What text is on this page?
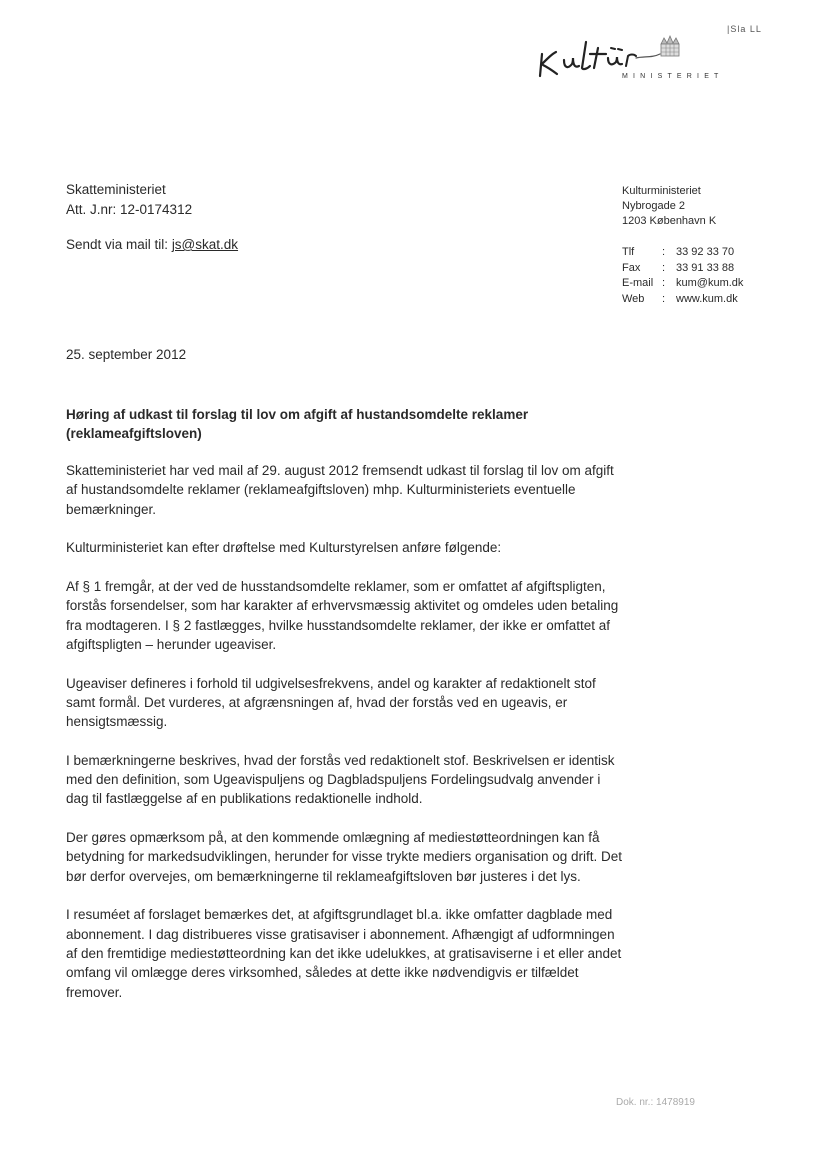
|Sla LL
MINISTERIET
Skatteministeriet
Att. J.nr: 12-0174312
Sendt via mail til: js@skat.dk
Kulturministeriet
Nybrogade 2
1203 København K
Tlf	: 33 92 33 70
Fax	: 33 91 33 88
E-mail : kum@kum.dk
Web	: www.kum.dk
25. september 2012
Høring af udkast til forslag til lov om afgift af hustandsomdelte reklamer (reklameafgiftsloven)

Skatteministeriet har ved mail af 29. august 2012 fremsendt udkast til forslag til lov om afgift af hustandsomdelte reklamer (reklameafgiftsloven) mhp. Kulturministeriets eventuelle bemærkninger.

Kulturministeriet kan efter drøftelse med Kulturstyrelsen anføre følgende:

Af § 1 fremgår, at der ved de husstandsomdelte reklamer, som er omfattet af afgiftspligten, forstås forsendelser, som har karakter af erhvervsmæssig aktivitet og omdeles uden betaling fra modtageren. I § 2 fastlægges, hvilke husstandsomdelte reklamer, der ikke er omfattet af afgiftspligten – herunder ugeaviser.

Ugeaviser defineres i forhold til udgivelsesfrekvens, andel og karakter af redaktionelt stof samt formål. Det vurderes, at afgrænsningen af, hvad der forstås ved en ugeavis, er hensigtsmæssig.

I bemærkningerne beskrives, hvad der forstås ved redaktionelt stof. Beskrivelsen er identisk med den definition, som Ugeavispuljens og Dagbladspuljens Fordelingsudvalg anvender i dag til fastlæggelse af en publikations redaktionelle indhold.

Der gøres opmærksom på, at den kommende omlægning af mediestøtteordningen kan få betydning for markedsudviklingen, herunder for visse trykte mediers organisation og drift. Det bør derfor overvejes, om bemærkningerne til reklameafgiftsloven bør justeres i det lys.

I resuméet af forslaget bemærkes det, at afgiftsgrundlaget bl.a. ikke omfatter dagblade med abonnement. I dag distribueres visse gratisaviser i abonnement. Afhængigt af udformningen af den fremtidige mediestøtteordning kan det ikke udelukkes, at gratisaviserne i et eller andet omfang vil omlægge deres virksomhed, således at dette ikke nødvendigvis er tilfældet fremover.

Dok. nr.: 1478919
